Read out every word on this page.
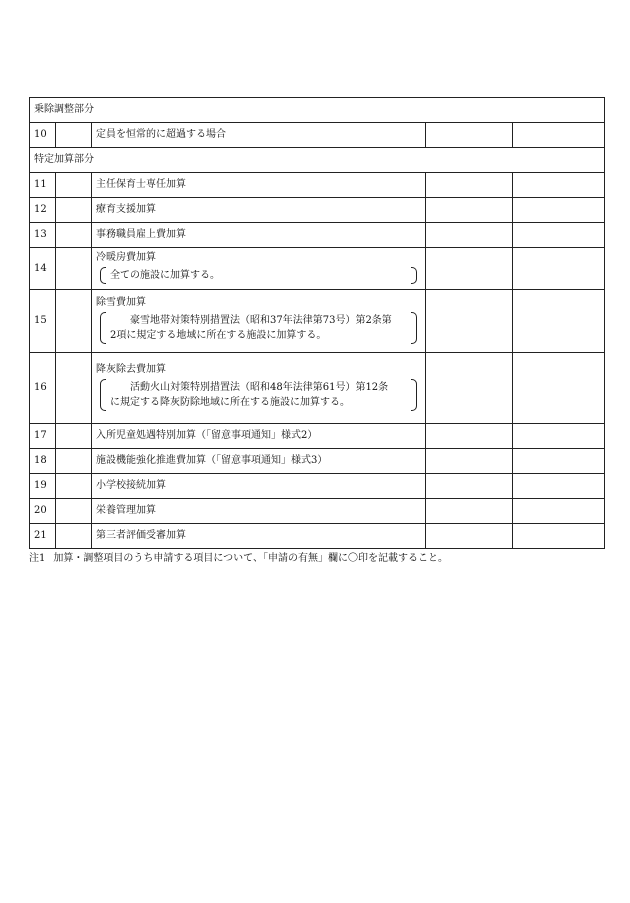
乗除調整部分				
10		定員を恒常的に超過する場合		
特定加算部分				
11		主任保育士専任加算		
12		療育支援加算		
13		事務職員雇上費加算		
14		冷暖房費加算
全ての施設に加算する。		

15		除雪費加算
豪雪地帯対策特別措置法（昭和37年法律第73号）第2条第
2項に規定する地域に所在する施設に加算する。		

16		降灰除去費加算
活動火山対策特別措置法（昭和48年法律第61号）第12条
に規定する降灰防除地域に所在する施設に加算する。		

17		入所児童処遇特別加算（「留意事項通知」様式2）		
18		施設機能強化推進費加算（「留意事項通知」様式3）		
19		小学校接続加算		
20		栄養管理加算		
21		第三者評価受審加算		
注1 加算・調整項目のうち申請する項目について、「申請の有無」欄に〇印を記載すること。
